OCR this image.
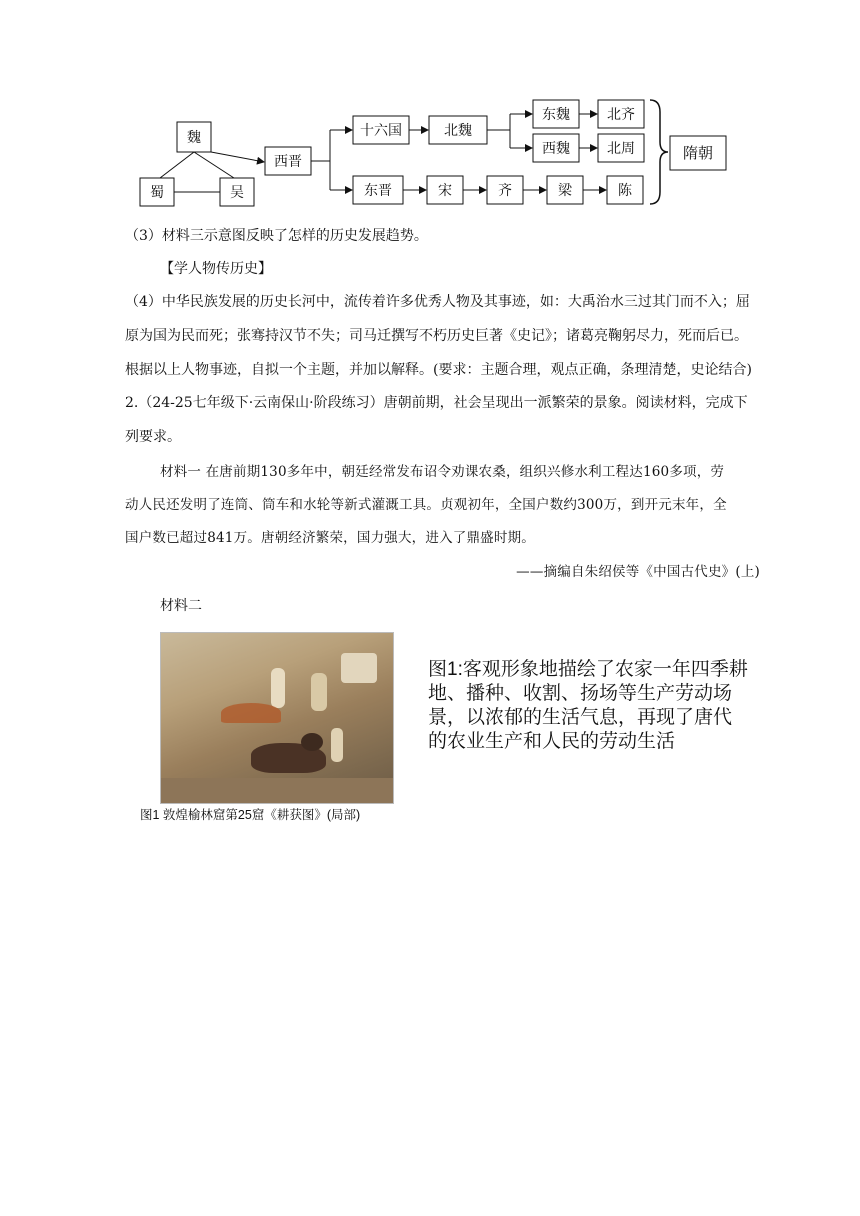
魏
蜀	吴
西晋
十六国	北魏
东魏	北齐
西魏	北周
东晋	宋	齐	梁	陈
隋朝
（3）材料三示意图反映了怎样的历史发展趋势。
【学人物传历史】
（4）中华民族发展的历史长河中，流传着许多优秀人物及其事迹，如：大禹治水三过其门而不入；屈
原为国为民而死；张骞持汉节不失；司马迁撰写不朽历史巨著《史记》；诸葛亮鞠躬尽力，死而后已。
根据以上人物事迹，自拟一个主题，并加以解释。(要求：主题合理，观点正确，条理清楚，史论结合)
2.（24-25七年级下·云南保山·阶段练习）唐朝前期，社会呈现出一派繁荣的景象。阅读材料，完成下
列要求。
材料一 在唐前期130多年中，朝廷经常发布诏令劝课农桑，组织兴修水利工程达160多项，劳
动人民还发明了连筒、筒车和水轮等新式灌溉工具。贞观初年，全国户数约300万，到开元末年，全
国户数已超过841万。唐朝经济繁荣，国力强大，进入了鼎盛时期。
——摘编自朱绍侯等《中国古代史》(上)
材料二
图1 敦煌榆林窟第25窟《耕获图》(局部)
图1:客观形象地描绘了农家一年四季耕地、播种、收割、扬场等生产劳动场景，以浓郁的生活气息，再现了唐代的农业生产和人民的劳动生活
